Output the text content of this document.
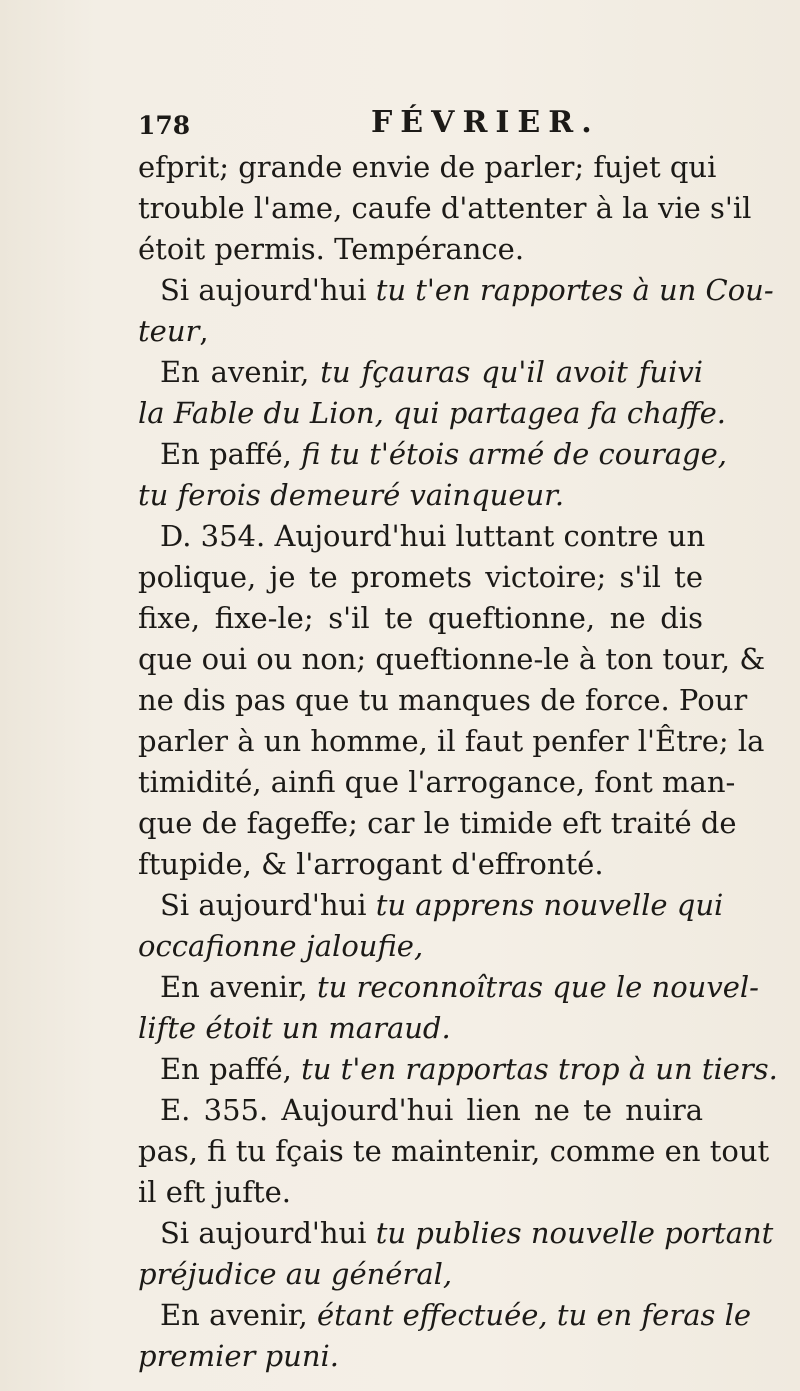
178	FÉVRIER.
efprit; grande envie de parler; fujet qui
trouble l'ame, caufe d'attenter à la vie s'il
étoit permis. Tempérance.
Si aujourd'hui tu t'en rapportes à un Cou-
teur,
En avenir, tu fçauras qu'il avoit fuivi
la Fable du Lion, qui partagea fa chaffe.
En paffé, fi tu t'étois armé de courage,
tu ferois demeuré vainqueur.
D. 354. Aujourd'hui luttant contre un
polique, je te promets victoire; s'il te
fixe, fixe-le; s'il te queftionne, ne dis
que oui ou non; queftionne-le à ton tour, &
ne dis pas que tu manques de force. Pour
parler à un homme, il faut penfer l'Être; la
timidité, ainfi que l'arrogance, font man-
que de fageffe; car le timide eft traité de
ftupide, & l'arrogant d'effronté.
Si aujourd'hui tu apprens nouvelle qui
occafionne jaloufie,
En avenir, tu reconnoîtras que le nouvel-
lifte étoit un maraud.
En paffé, tu t'en rapportas trop à un tiers.
E. 355. Aujourd'hui lien ne te nuira
pas, fi tu fçais te maintenir, comme en tout
il eft jufte.
Si aujourd'hui tu publies nouvelle portant
préjudice au général,
En avenir, étant effectuée, tu en feras le
premier puni.
